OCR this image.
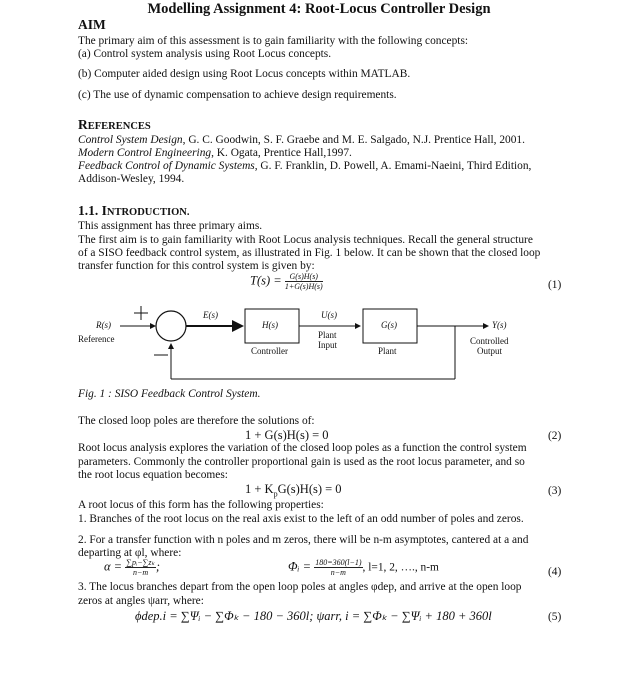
Modelling Assignment 4: Root-Locus Controller Design
AIM
The primary aim of this assessment is to gain familiarity with the following concepts:
(a) Control system analysis using Root Locus concepts.
(b) Computer aided design using Root Locus concepts within MATLAB.
(c) The use of dynamic compensation to achieve design requirements.
REFERENCES
Control System Design, G. C. Goodwin, S. F. Graebe and M. E. Salgado, N.J. Prentice Hall, 2001.
Modern Control Engineering, K. Ogata, Prentice Hall,1997.
Feedback Control of Dynamic Systems, G. F. Franklin, D. Powell, A. Emami-Naeini, Third Edition,
Addison-Wesley, 1994.
1.1. INTRODUCTION.
This assignment has three primary aims.
The first aim is to gain familiarity with Root Locus analysis techniques. Recall the general structure
of a SISO feedback control system, as illustrated in Fig. 1 below. It can be shown that the closed loop
transfer function for this control system is given by:
$T(s) = \frac{G(s)H(s)}{1+G(s)H(s)}$	(1)
R(s)
Reference
E(s)
H(s)
Controller
U(s)
Plant
Input
G(s)
Plant
Y(s)
Controlled
Output
Fig. 1 : SISO Feedback Control System.
The closed loop poles are therefore the solutions of:
1 + G(s)H(s) = 0	(2)
Root locus analysis explores the variation of the closed loop poles as a function the control system
parameters. Commonly the controller proportional gain is used as the root locus parameter, and so
the root locus equation becomes:
$1 + K_pG(s)H(s) = 0$	(3)
A root locus of this form has the following properties:
1. Branches of the root locus on the real axis exist to the left of an odd number of poles and zeros.
2. For a transfer function with n poles and m zeros, there will be n-m asymptotes, cantered at a and
departing at φl, where:
$\alpha = \frac{\text{∑pᵢ−∑zₖ}}{n-m}$ ;	Φᵢ = $\frac{180=360(l-1)}{n-m}$ , l=1, 2, …., n-m	(4)
3. The locus branches depart from the open loop poles at angles φdep, and arrive at the open loop
zeros at angles ψarr, where:
ϕdep.i = ∑Ψᵢ − ∑Φₖ − 180 − 360l; ψarr, i = ∑Φₖ − ∑Ψᵢ + 180 + 360l	(5)
